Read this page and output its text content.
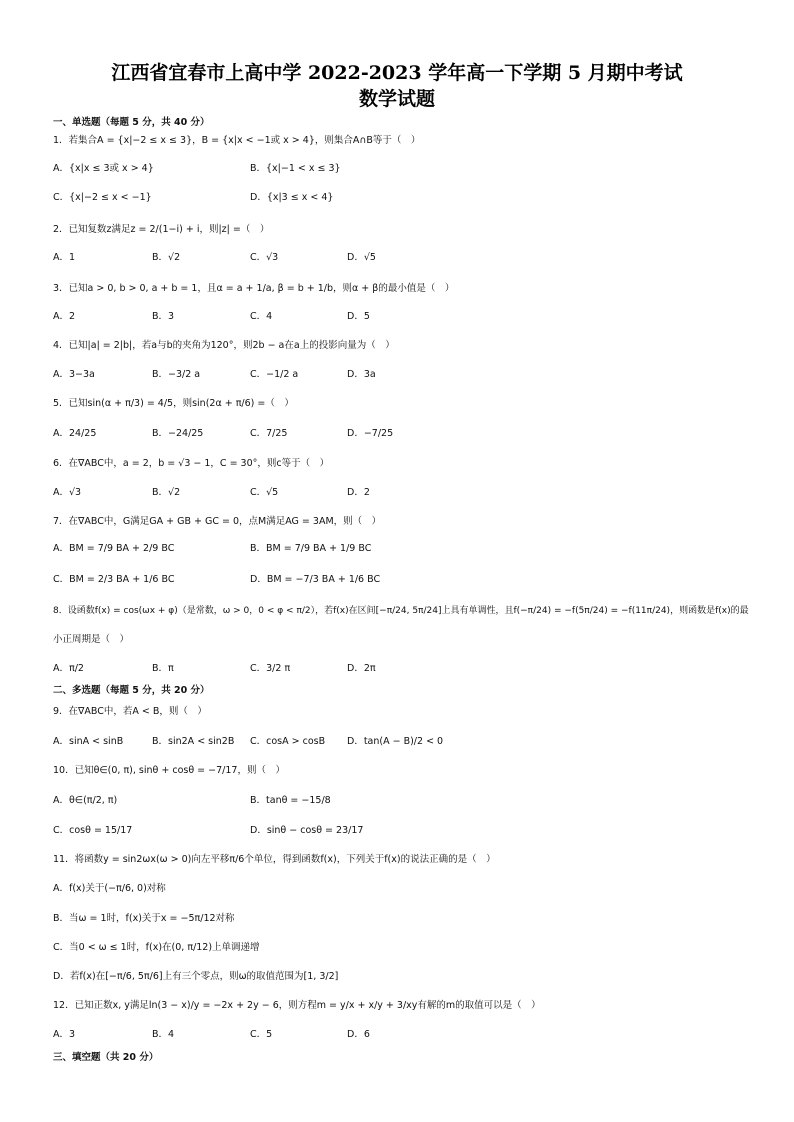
江西省宜春市上高中学 2022-2023 学年高一下学期 5 月期中考试
数学试题
一、单选题（每题 5 分，共 40 分）
1．若集合A = {x|−2 ≤ x ≤ 3}，B = {x|x < −1或 x > 4}，则集合A∩B等于（　）
A．{x|x ≤ 3或 x > 4}	B．{x|−1 < x ≤ 3}
C．{x|−2 ≤ x < −1}	D．{x|3 ≤ x < 4}
2．已知复数z满足z = 2/(1−i) + i，则|z| =（　）
A．1	B．√2	C．√3	D．√5
3．已知a > 0, b > 0, a + b = 1，且α = a + 1/a, β = b + 1/b，则α + β的最小值是（　）
A．2	B．3	C．4	D．5
4．已知|a| = 2|b|，若a与b的夹角为120°，则2b − a在a上的投影向量为（　）
A．3−3a	B．−3/2 a	C．−1/2 a	D．3a
5．已知sin(α + π/3) = 4/5，则sin(2α + π/6) =（　）
A．24/25	B．−24/25	C．7/25	D．−7/25
6．在∇ABC中，a = 2，b = √3 − 1，C = 30°，则c等于（　）
A．√3	B．√2	C．√5	D．2
7．在∇ABC中，G满足GA + GB + GC = 0，点M满足AG = 3AM，则（　）
A．BM = 7/9 BA + 2/9 BC	B．BM = 7/9 BA + 1/9 BC
C．BM = 2/3 BA + 1/6 BC	D．BM = −7/3 BA + 1/6 BC
8．设函数f(x) = cos(ωx + φ)（是常数，ω > 0，0 < φ < π/2），若f(x)在区间[−π/24, 5π/24]上具有单调性，且f(−π/24) = −f(5π/24) = −f(11π/24)，则函数是f(x)的最
小正周期是（　）
A．π/2	B．π	C．3/2 π	D．2π
二、多选题（每题 5 分，共 20 分）
9．在∇ABC中，若A < B，则（　）
A．sinA < sinB	B．sin2A < sin2B C．cosA > cosB D．tan(A − B)/2 < 0
10．已知θ∈(0, π), sinθ + cosθ = −7/17，则（　）
A．θ∈(π/2, π)	B．tanθ = −15/8
C．cosθ = 15/17	D．sinθ − cosθ = 23/17
11．将函数y = sin2ωx(ω > 0)向左平移π/6个单位，得到函数f(x)，下列关于f(x)的说法正确的是（　）
A．f(x)关于(−π/6, 0)对称
B．当ω = 1时，f(x)关于x = −5π/12对称
C．当0 < ω ≤ 1时，f(x)在(0, π/12)上单调递增
D．若f(x)在[−π/6, 5π/6]上有三个零点，则ω的取值范围为[1, 3/2]
12．已知正数x, y满足ln(3 − x)/y = −2x + 2y − 6，则方程m = y/x + x/y + 3/xy有解的m的取值可以是（　）
A．3	B．4	C．5	D．6
三、填空题（共 20 分）
